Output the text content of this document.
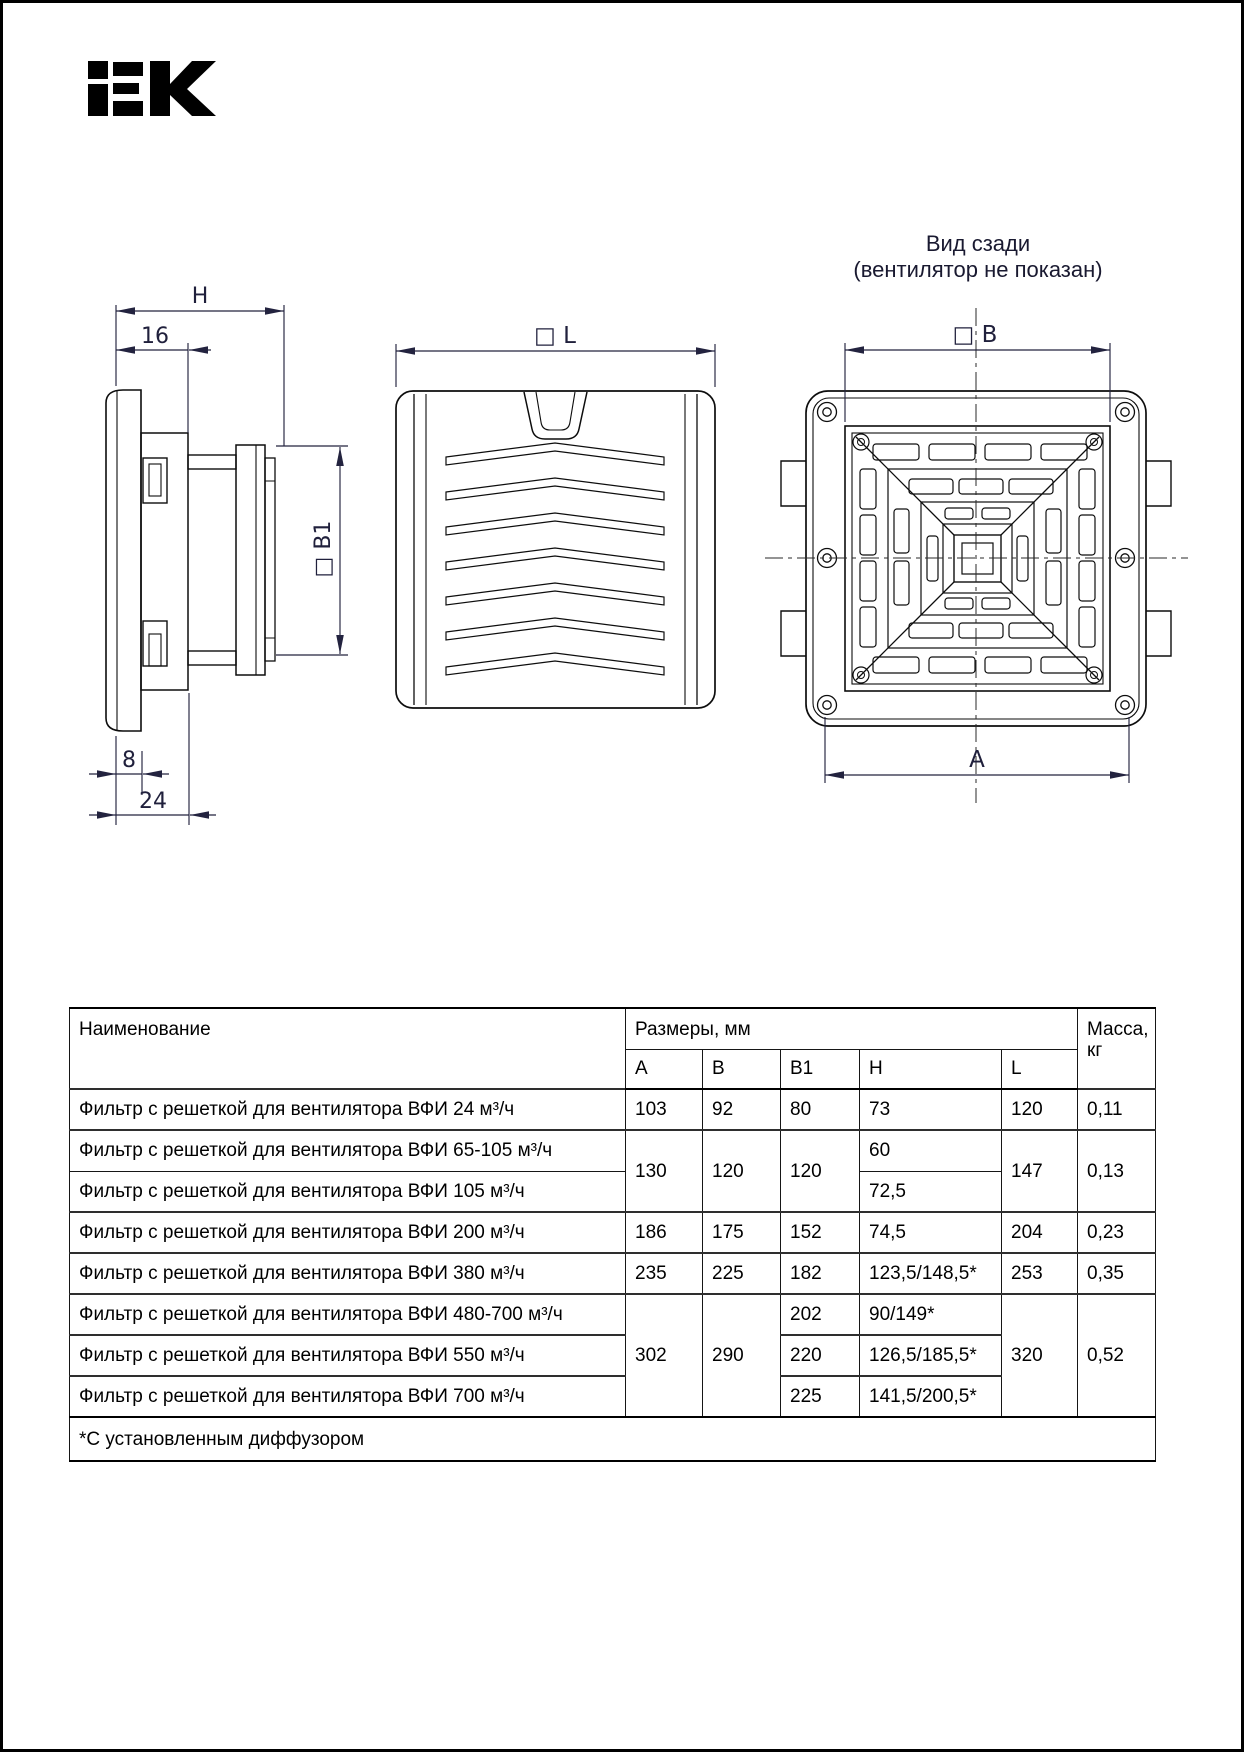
Вид сзади
(вентилятор не показан)
H
16
8
24
□ B1
□ L	□ B
A
Наименование	Размеры, мм					Масса,
кг

	A	B	B1	H	L	
Фильтр с решеткой для вентилятора ВФИ 24 м³/ч	103	92	80	73	120	0,11
Фильтр с решеткой для вентилятора ВФИ 65-105 м³/ч	130	120	120	60	147	0,13
Фильтр с решеткой для вентилятора ВФИ 105 м³/ч				72,5		
Фильтр с решеткой для вентилятора ВФИ 200 м³/ч	186	175	152	74,5	204	0,23
Фильтр с решеткой для вентилятора ВФИ 380 м³/ч	235	225	182	123,5/148,5*	253	0,35
Фильтр с решеткой для вентилятора ВФИ 480-700 м³/ч	302	290	202	90/149*	320	0,52
Фильтр с решеткой для вентилятора ВФИ 550 м³/ч			220	126,5/185,5*		
Фильтр с решеткой для вентилятора ВФИ 700 м³/ч			225	141,5/200,5*		
*С установленным диффузором						
